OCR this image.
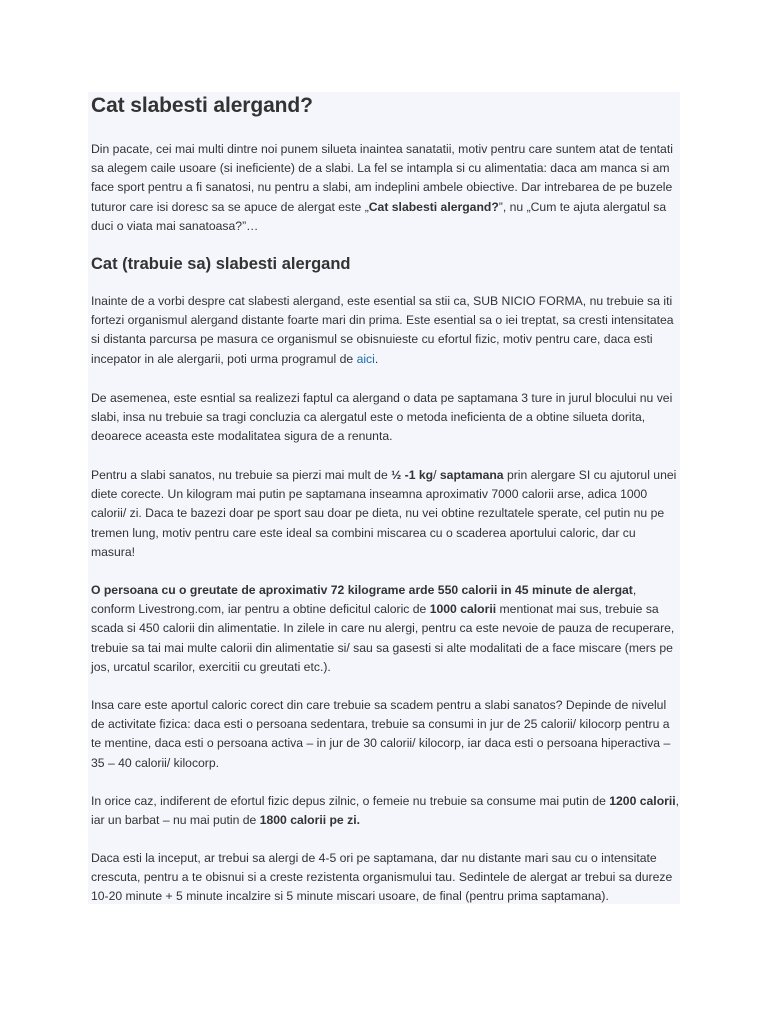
Cat slabesti alergand?

Din pacate, cei mai multi dintre noi punem silueta inaintea sanatatii, motiv pentru care suntem atat de tentati sa alegem caile usoare (si ineficiente) de a slabi. La fel se intampla si cu alimentatia: daca am manca si am face sport pentru a fi sanatosi, nu pentru a slabi, am indeplini ambele obiective. Dar intrebarea de pe buzele tuturor care isi doresc sa se apuce de alergat este „Cat slabesti alergand?”, nu „Cum te ajuta alergatul sa duci o viata mai sanatoasa?”…

Cat (trabuie sa) slabesti alergand

Inainte de a vorbi despre cat slabesti alergand, este esential sa stii ca, SUB NICIO FORMA, nu trebuie sa iti fortezi organismul alergand distante foarte mari din prima. Este esential sa o iei treptat, sa cresti intensitatea si distanta parcursa pe masura ce organismul se obisnuieste cu efortul fizic, motiv pentru care, daca esti incepator in ale alergarii, poti urma programul de aici.

De asemenea, este esntial sa realizezi faptul ca alergand o data pe saptamana 3 ture in jurul blocului nu vei slabi, insa nu trebuie sa tragi concluzia ca alergatul este o metoda ineficienta de a obtine silueta dorita, deoarece aceasta este modalitatea sigura de a renunta.

Pentru a slabi sanatos, nu trebuie sa pierzi mai mult de ½ -1 kg/ saptamana prin alergare SI cu ajutorul unei diete corecte. Un kilogram mai putin pe saptamana inseamna aproximativ 7000 calorii arse, adica 1000 calorii/ zi. Daca te bazezi doar pe sport sau doar pe dieta, nu vei obtine rezultatele sperate, cel putin nu pe tremen lung, motiv pentru care este ideal sa combini miscarea cu o scaderea aportului caloric, dar cu masura!

O persoana cu o greutate de aproximativ 72 kilograme arde 550 calorii in 45 minute de alergat, conform Livestrong.com, iar pentru a obtine deficitul caloric de 1000 calorii mentionat mai sus, trebuie sa scada si 450 calorii din alimentatie. In zilele in care nu alergi, pentru ca este nevoie de pauza de recuperare, trebuie sa tai mai multe calorii din alimentatie si/ sau sa gasesti si alte modalitati de a face miscare (mers pe jos, urcatul scarilor, exercitii cu greutati etc.).

Insa care este aportul caloric corect din care trebuie sa scadem pentru a slabi sanatos? Depinde de nivelul de activitate fizica: daca esti o persoana sedentara, trebuie sa consumi in jur de 25 calorii/ kilocorp pentru a te mentine, daca esti o persoana activa – in jur de 30 calorii/ kilocorp, iar daca esti o persoana hiperactiva – 35 – 40 calorii/ kilocorp.

In orice caz, indiferent de efortul fizic depus zilnic, o femeie nu trebuie sa consume mai putin de 1200 calorii, iar un barbat – nu mai putin de 1800 calorii pe zi.

Daca esti la inceput, ar trebui sa alergi de 4-5 ori pe saptamana, dar nu distante mari sau cu o intensitate crescuta, pentru a te obisnui si a creste rezistenta organismului tau. Sedintele de alergat ar trebui sa dureze 10-20 minute + 5 minute incalzire si 5 minute miscari usoare, de final (pentru prima saptamana).
